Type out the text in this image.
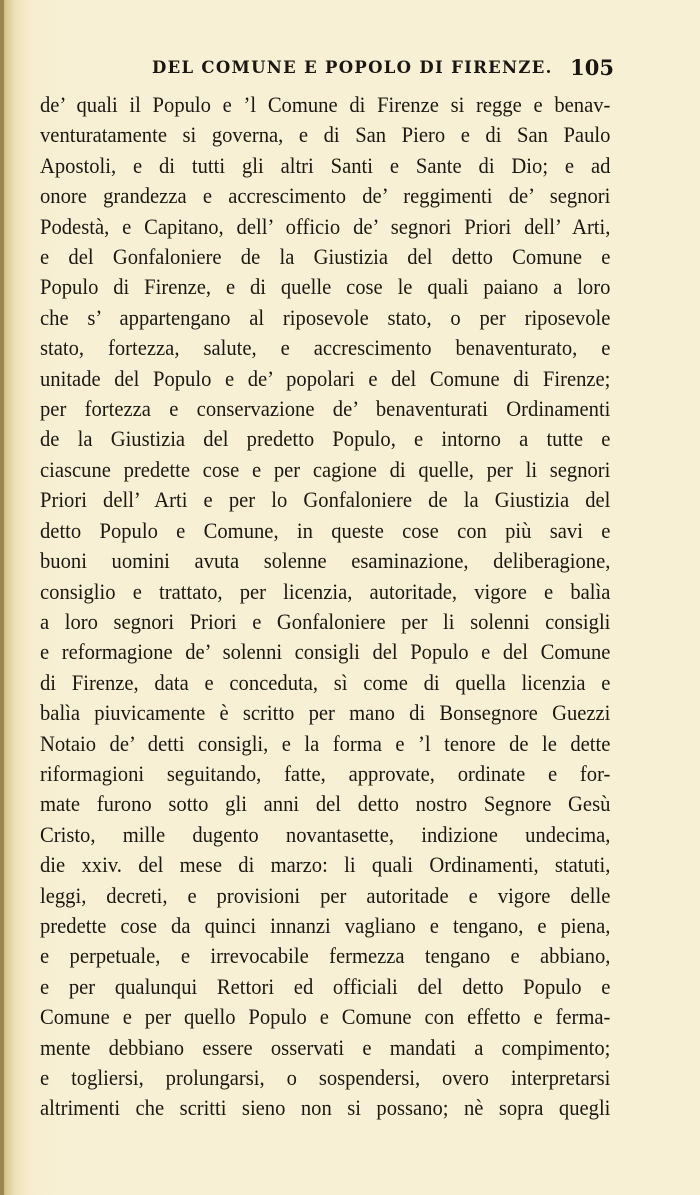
DEL COMUNE E POPOLO DI FIRENZE. 105
de’ quali il Populo e ’l Comune di Firenze si regge e benav-
venturatamente si governa, e di San Piero e di San Paulo
Apostoli, e di tutti gli altri Santi e Sante di Dio; e ad
onore grandezza e accrescimento de’ reggimenti de’ segnori
Podestà, e Capitano, dell’ officio de’ segnori Priori dell’ Arti,
e del Gonfaloniere de la Giustizia del detto Comune e
Populo di Firenze, e di quelle cose le quali paiano a loro
che s’ appartengano al riposevole stato, o per riposevole
stato, fortezza, salute, e accrescimento benaventurato, e
unitade del Populo e de’ popolari e del Comune di Firenze;
per fortezza e conservazione de’ benaventurati Ordinamenti
de la Giustizia del predetto Populo, e intorno a tutte e
ciascune predette cose e per cagione di quelle, per li segnori
Priori dell’ Arti e per lo Gonfaloniere de la Giustizia del
detto Populo e Comune, in queste cose con più savi e
buoni uomini avuta solenne esaminazione, deliberagione,
consiglio e trattato, per licenzia, autoritade, vigore e balìa
a loro segnori Priori e Gonfaloniere per li solenni consigli
e reformagione de’ solenni consigli del Populo e del Comune
di Firenze, data e conceduta, sì come di quella licenzia e
balìa piuvicamente è scritto per mano di Bonsegnore Guezzi
Notaio de’ detti consigli, e la forma e ’l tenore de le dette
riformagioni seguitando, fatte, approvate, ordinate e for-
mate furono sotto gli anni del detto nostro Segnore Gesù
Cristo, mille dugento novantasette, indizione undecima,
die xxiv. del mese di marzo: li quali Ordinamenti, statuti,
leggi, decreti, e provisioni per autoritade e vigore delle
predette cose da quinci innanzi vagliano e tengano, e piena,
e perpetuale, e irrevocabile fermezza tengano e abbiano,
e per qualunqui Rettori ed officiali del detto Populo e
Comune e per quello Populo e Comune con effetto e ferma-
mente debbiano essere osservati e mandati a compimento;
e togliersi, prolungarsi, o sospendersi, overo interpretarsi
altrimenti che scritti sieno non si possano; nè sopra quegli
